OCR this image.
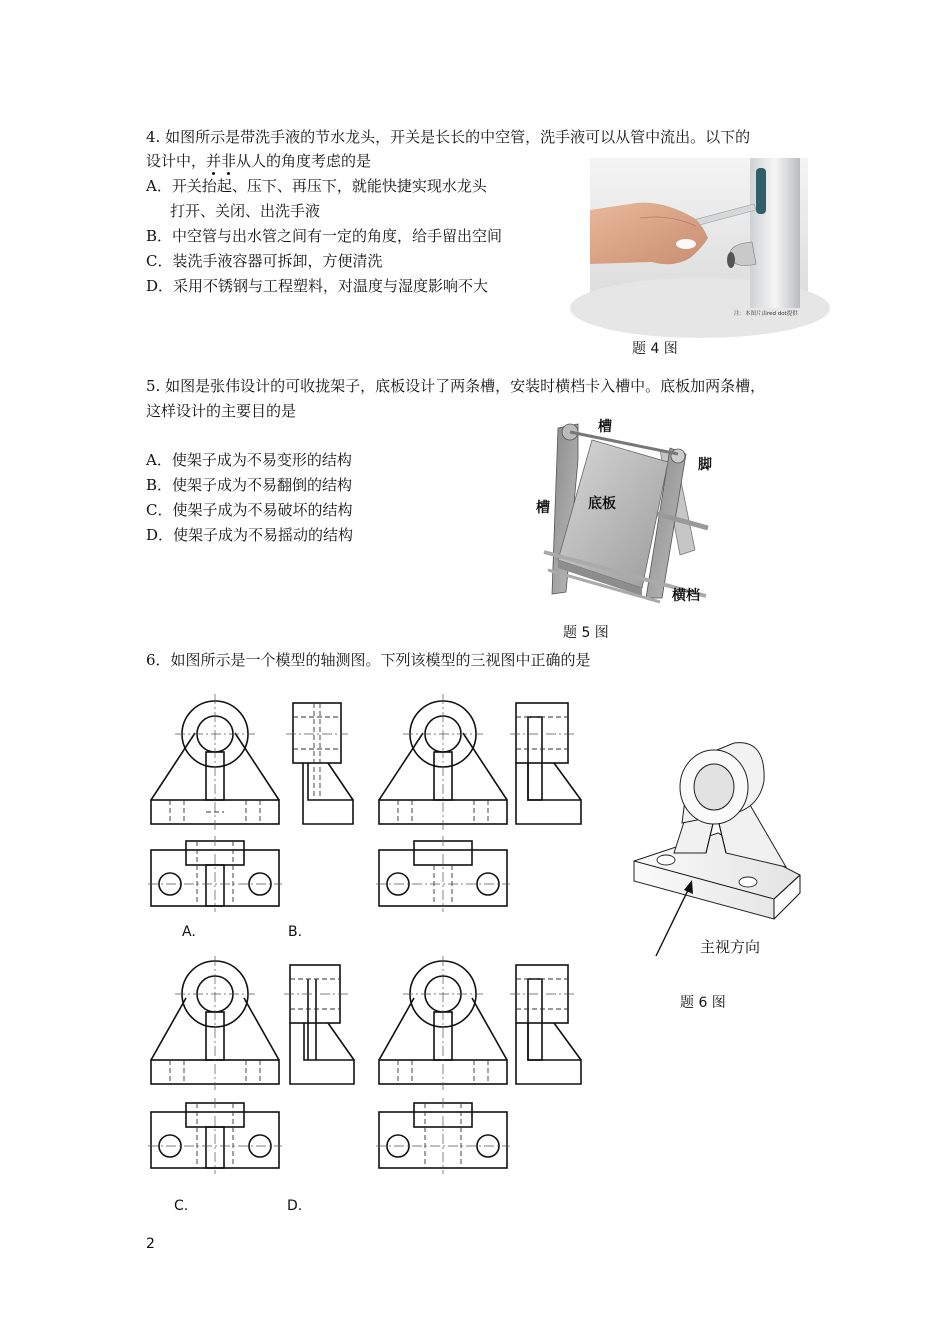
4. 如图所示是带洗手液的节水龙头，开关是长长的中空管，洗手液可以从管中流出。以下的
设计中，并非从人的角度考虑的是
A．开关抬起、压下、再压下，就能快捷实现水龙头
打开、关闭、出洗手液
B．中空管与出水管之间有一定的角度，给手留出空间
C．装洗手液容器可拆卸，方便清洗
D．采用不锈钢与工程塑料，对温度与湿度影响不大
注：本图片由red dot提供
题 4 图
5. 如图是张伟设计的可收拢架子，底板设计了两条槽，安装时横档卡入槽中。底板加两条槽，
这样设计的主要目的是
A．使架子成为不易变形的结构
B．使架子成为不易翻倒的结构
C．使架子成为不易破坏的结构
D．使架子成为不易摇动的结构
槽
脚
槽	底板
横档
题 5 图
6．如图所示是一个模型的轴测图。下列该模型的三视图中正确的是
A.	B.
C.	D.
主视方向
题 6 图
2
